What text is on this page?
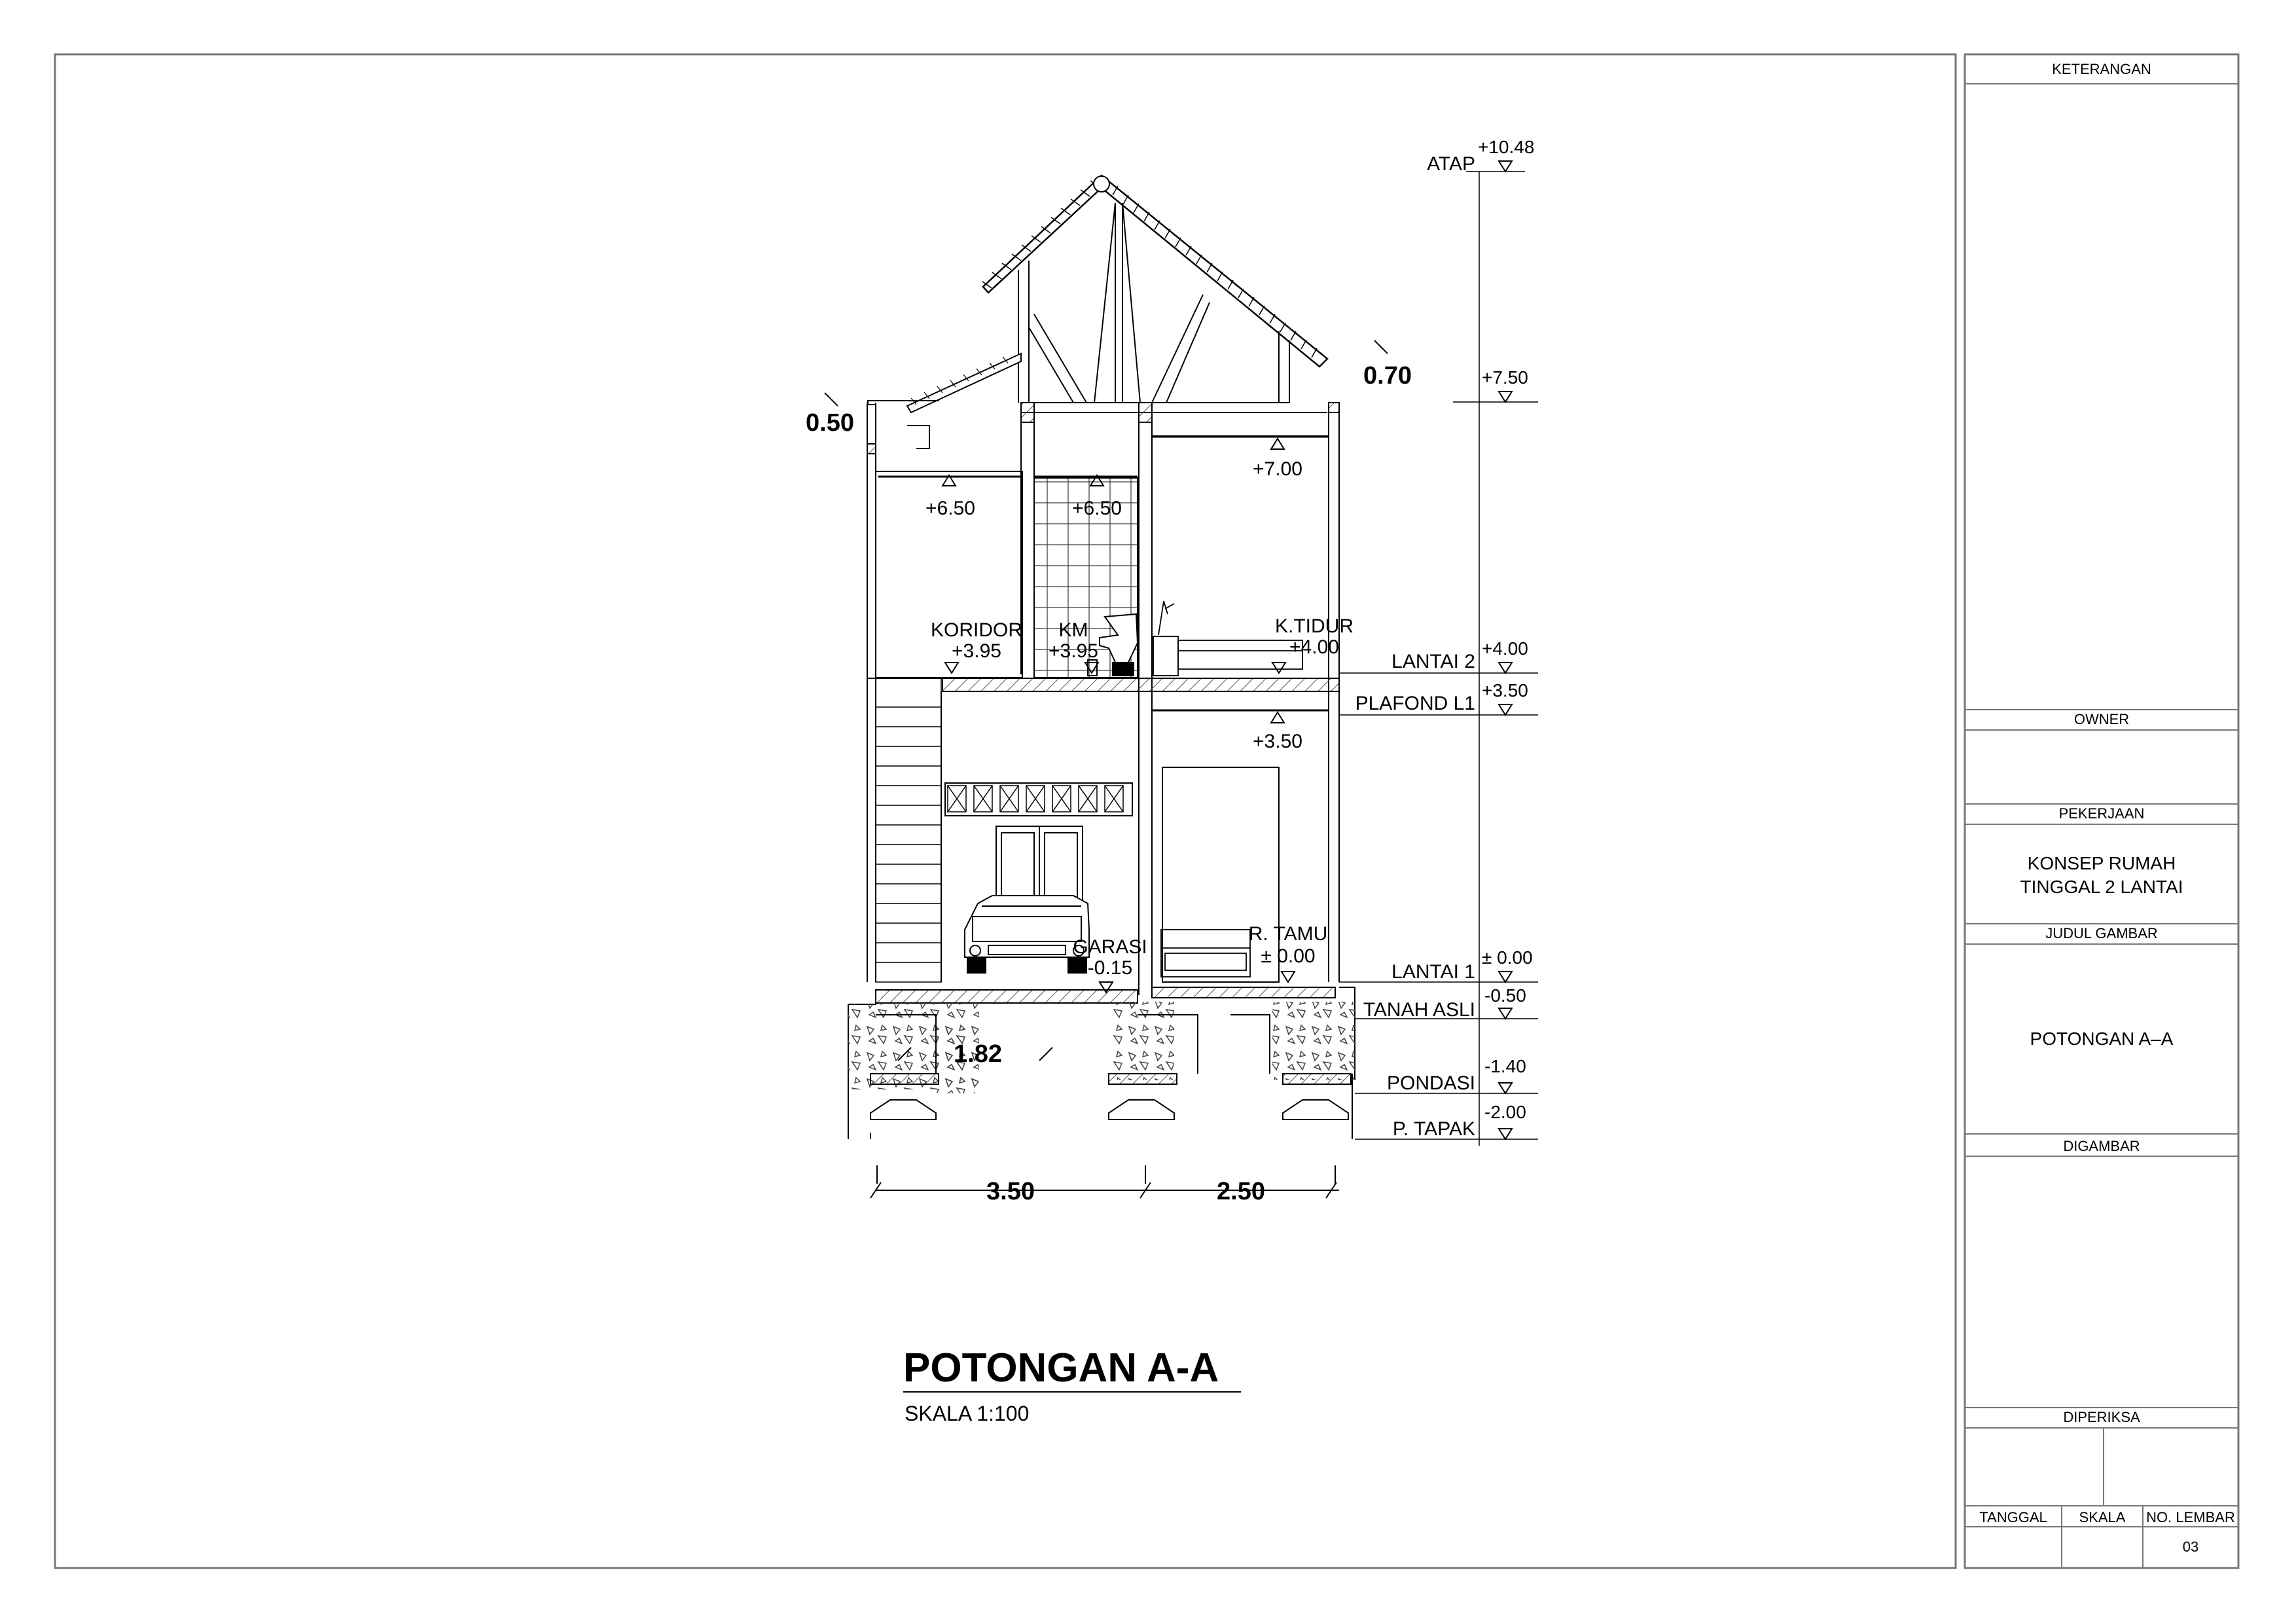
KETERANGAN
OWNER
PEKERJAAN
KONSEP RUMAH
TINGGAL 2 LANTAI
JUDUL GAMBAR
POTONGAN A–A
DIGAMBAR
DIPERIKSA
TANGGAL SKALA NO. LEMBAR
03
ATAP
LANTAI 2
PLAFOND L1
LANTAI 1
TANAH ASLI
PONDASI
P. TAPAK
+10.48
+7.50
+4.00
+3.50
± 0.00
-0.50
-1.40
-2.00
KORIDOR
+3.95
KM
+3.95
K.TIDUR
+4.00
GARASI
-0.15
R. TAMU
± 0.00
+6.50	+6.50
+7.00
+3.50
0.50
0.70
1.82
3.50	2.50
POTONGAN A-A
SKALA 1:100
